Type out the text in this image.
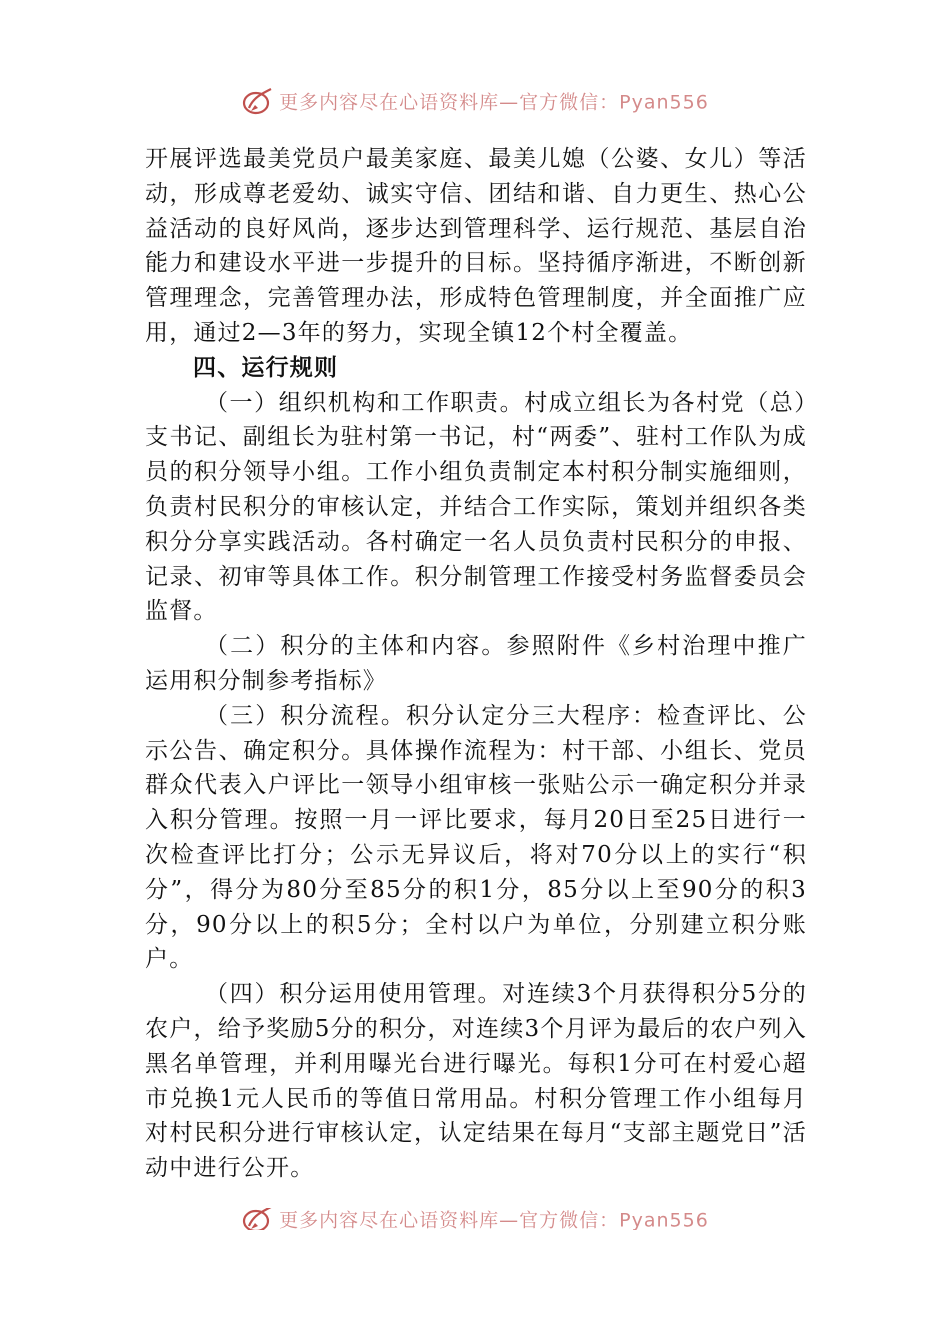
更多内容尽在心语资料库—官方微信：Pyan556

开展评选最美党员户最美家庭、最美儿媳（公婆、女儿）等活动，形成尊老爱幼、诚实守信、团结和谐、自力更生、热心公益活动的良好风尚，逐步达到管理科学、运行规范、基层自治能力和建设水平进一步提升的目标。坚持循序渐进，不断创新管理理念，完善管理办法，形成特色管理制度，并全面推广应用，通过2—3年的努力，实现全镇12个村全覆盖。

四、运行规则

（一）组织机构和工作职责。村成立组长为各村党（总）支书记、副组长为驻村第一书记，村“两委”、驻村工作队为成员的积分领导小组。工作小组负责制定本村积分制实施细则，负责村民积分的审核认定，并结合工作实际，策划并组织各类积分分享实践活动。各村确定一名人员负责村民积分的申报、记录、初审等具体工作。积分制管理工作接受村务监督委员会监督。

（二）积分的主体和内容。参照附件《乡村治理中推广运用积分制参考指标》

（三）积分流程。积分认定分三大程序：检查评比、公示公告、确定积分。具体操作流程为：村干部、小组长、党员群众代表入户评比一领导小组审核一张贴公示一确定积分并录入积分管理。按照一月一评比要求，每月20日至25日进行一次检查评比打分；公示无异议后，将对70分以上的实行“积分”，得分为80分至85分的积1分，85分以上至90分的积3分，90分以上的积5分；全村以户为单位，分别建立积分账户。

（四）积分运用使用管理。对连续3个月获得积分5分的农户，给予奖励5分的积分，对连续3个月评为最后的农户列入黑名单管理，并利用曝光台进行曝光。每积1分可在村爱心超市兑换1元人民币的等值日常用品。村积分管理工作小组每月对村民积分进行审核认定，认定结果在每月“支部主题党日”活动中进行公开。

更多内容尽在心语资料库—官方微信：Pyan556
